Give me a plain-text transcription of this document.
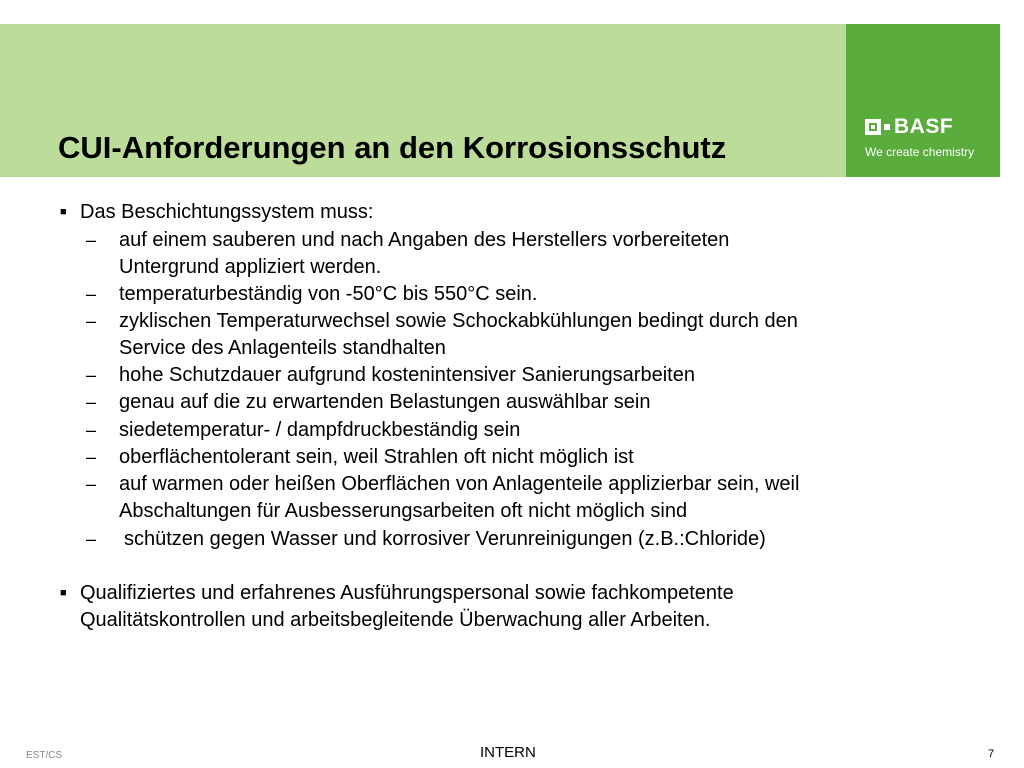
BASF
We create chemistry
CUI-Anforderungen an den Korrosionsschutz
■ Das Beschichtungssystem muss:
– auf einem sauberen und nach Angaben des Herstellers vorbereiteten
Untergrund appliziert werden.
– temperaturbeständig von -50°C bis 550°C sein.
– zyklischen Temperaturwechsel sowie Schockabkühlungen bedingt durch den
Service des Anlagenteils standhalten
– hohe Schutzdauer aufgrund kostenintensiver Sanierungsarbeiten
– genau auf die zu erwartenden Belastungen auswählbar sein
– siedetemperatur- / dampfdruckbeständig sein
– oberflächentolerant sein, weil Strahlen oft nicht möglich ist
– auf warmen oder heißen Oberflächen von Anlagenteile applizierbar sein, weil
Abschaltungen für Ausbesserungsarbeiten oft nicht möglich sind
– schützen gegen Wasser und korrosiver Verunreinigungen (z.B.:Chloride)
■ Qualifiziertes und erfahrenes Ausführungspersonal sowie fachkompetente
Qualitätskontrollen und arbeitsbegleitende Überwachung aller Arbeiten.
EST/CS	INTERN	7
